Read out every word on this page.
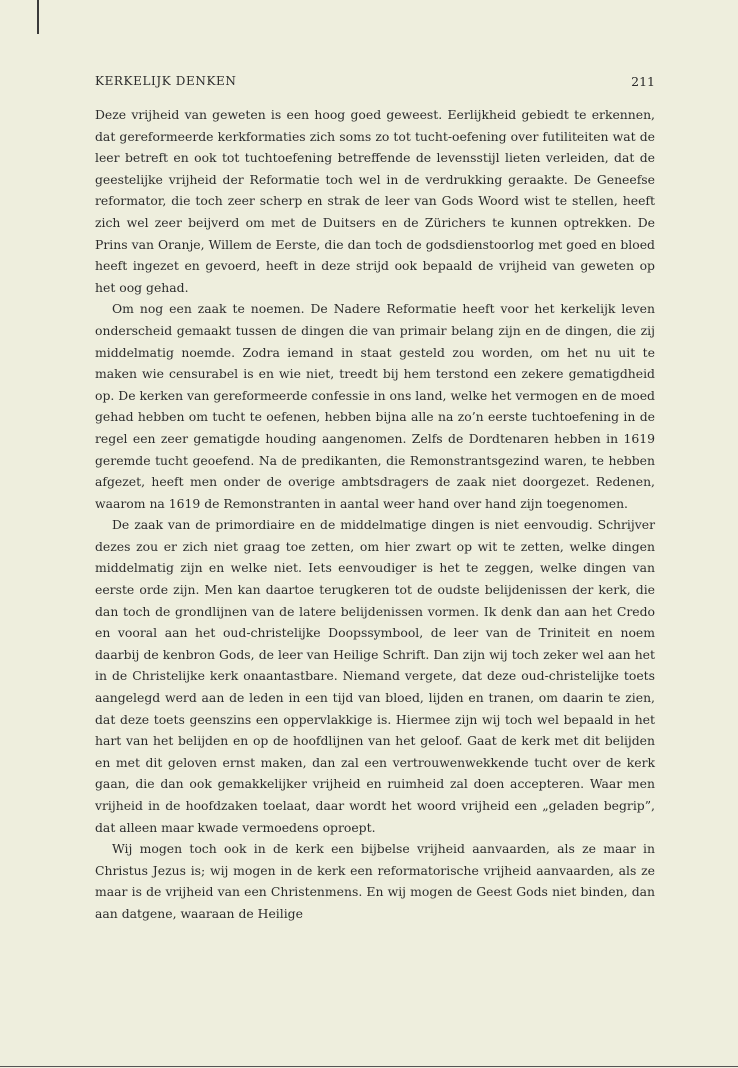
KERKELIJK DENKEN	211

Deze vrijheid van geweten is een hoog goed geweest. Eerlijkheid gebiedt te erkennen, dat gereformeerde kerkformaties zich soms zo tot tucht-oefening over futiliteiten wat de leer betreft en ook tot tuchtoefening betreffende de levensstijl lieten verleiden, dat de geestelijke vrijheid der Reformatie toch wel in de verdrukking geraakte. De Geneefse reformator, die toch zeer scherp en strak de leer van Gods Woord wist te stellen, heeft zich wel zeer beijverd om met de Duitsers en de Zürichers te kunnen optrekken. De Prins van Oranje, Willem de Eerste, die dan toch de godsdienstoorlog met goed en bloed heeft ingezet en gevoerd, heeft in deze strijd ook bepaald de vrijheid van geweten op het oog gehad.

Om nog een zaak te noemen. De Nadere Reformatie heeft voor het kerkelijk leven onderscheid gemaakt tussen de dingen die van primair belang zijn en de dingen, die zij middelmatig noemde. Zodra iemand in staat gesteld zou worden, om het nu uit te maken wie censurabel is en wie niet, treedt bij hem terstond een zekere gematigdheid op. De kerken van gereformeerde confessie in ons land, welke het vermogen en de moed gehad hebben om tucht te oefenen, hebben bijna alle na zo’n eerste tuchtoefening in de regel een zeer gematigde houding aangenomen. Zelfs de Dordtenaren hebben in 1619 geremde tucht geoefend. Na de predikanten, die Remonstrantsgezind waren, te hebben afgezet, heeft men onder de overige ambtsdragers de zaak niet doorgezet. Redenen, waarom na 1619 de Remonstranten in aantal weer hand over hand zijn toegenomen.

De zaak van de primordiaire en de middelmatige dingen is niet eenvoudig. Schrijver dezes zou er zich niet graag toe zetten, om hier zwart op wit te zetten, welke dingen middelmatig zijn en welke niet. Iets eenvoudiger is het te zeggen, welke dingen van eerste orde zijn. Men kan daartoe terugkeren tot de oudste belijdenissen der kerk, die dan toch de grondlijnen van de latere belijdenissen vormen. Ik denk dan aan het Credo en vooral aan het oud-christelijke Doopssymbool, de leer van de Triniteit en noem daarbij de kenbron Gods, de leer van Heilige Schrift. Dan zijn wij toch zeker wel aan het in de Christelijke kerk onaantastbare. Niemand vergete, dat deze oud-christelijke toets aangelegd werd aan de leden in een tijd van bloed, lijden en tranen, om daarin te zien, dat deze toets geenszins een oppervlakkige is. Hiermee zijn wij toch wel bepaald in het hart van het belijden en op de hoofdlijnen van het geloof. Gaat de kerk met dit belijden en met dit geloven ernst maken, dan zal een vertrouwenwekkende tucht over de kerk gaan, die dan ook gemakkelijker vrijheid en ruimheid zal doen accepteren. Waar men vrijheid in de hoofdzaken toelaat, daar wordt het woord vrijheid een „geladen begrip”, dat alleen maar kwade vermoedens oproept.

Wij mogen toch ook in de kerk een bijbelse vrijheid aanvaarden, als ze maar in Christus Jezus is; wij mogen in de kerk een reformatorische vrijheid aanvaarden, als ze maar is de vrijheid van een Christenmens. En wij mogen de Geest Gods niet binden, dan aan datgene, waaraan de Heilige
